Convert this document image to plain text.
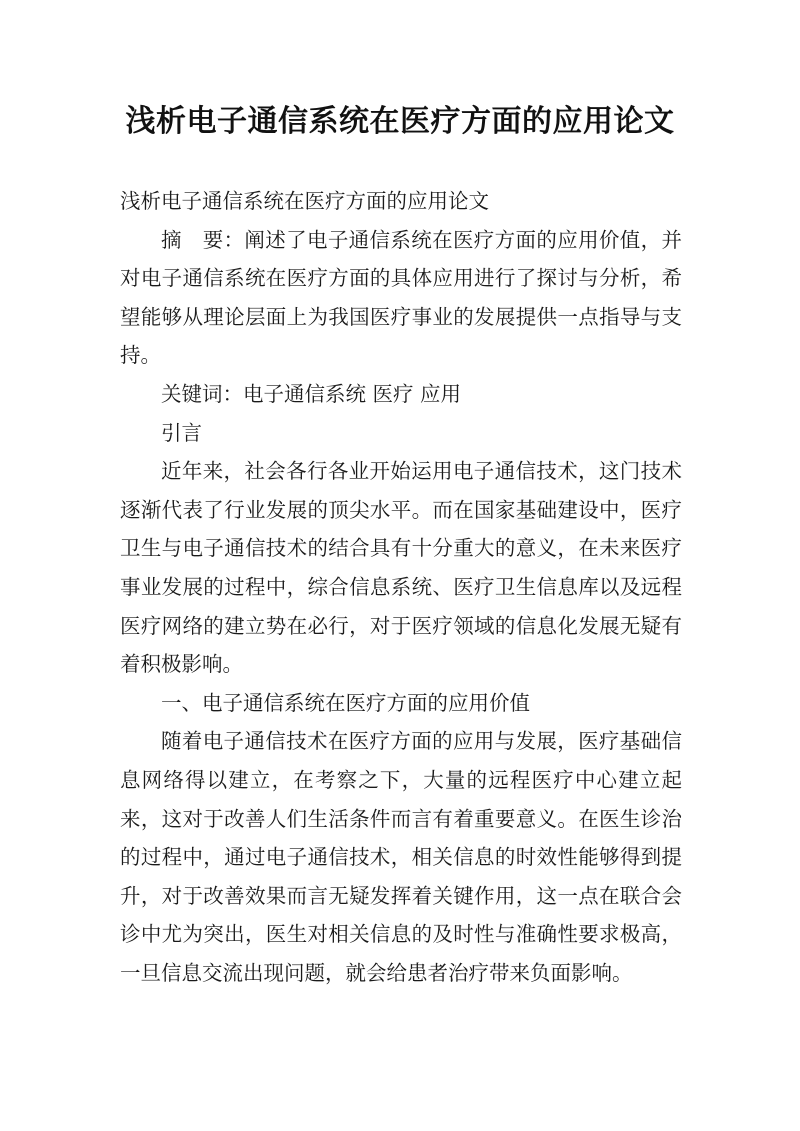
浅析电子通信系统在医疗方面的应用论文

浅析电子通信系统在医疗方面的应用论文

摘　要：阐述了电子通信系统在医疗方面的应用价值，并对电子通信系统在医疗方面的具体应用进行了探讨与分析，希望能够从理论层面上为我国医疗事业的发展提供一点指导与支持。

关键词：电子通信系统 医疗 应用

引言

近年来，社会各行各业开始运用电子通信技术，这门技术逐渐代表了行业发展的顶尖水平。而在国家基础建设中，医疗卫生与电子通信技术的结合具有十分重大的意义，在未来医疗事业发展的过程中，综合信息系统、医疗卫生信息库以及远程医疗网络的建立势在必行，对于医疗领域的信息化发展无疑有着积极影响。

一、电子通信系统在医疗方面的应用价值

随着电子通信技术在医疗方面的应用与发展，医疗基础信息网络得以建立，在考察之下，大量的远程医疗中心建立起来，这对于改善人们生活条件而言有着重要意义。在医生诊治的过程中，通过电子通信技术，相关信息的时效性能够得到提升，对于改善效果而言无疑发挥着关键作用，这一点在联合会诊中尤为突出，医生对相关信息的及时性与准确性要求极高，一旦信息交流出现问题，就会给患者治疗带来负面影响。
